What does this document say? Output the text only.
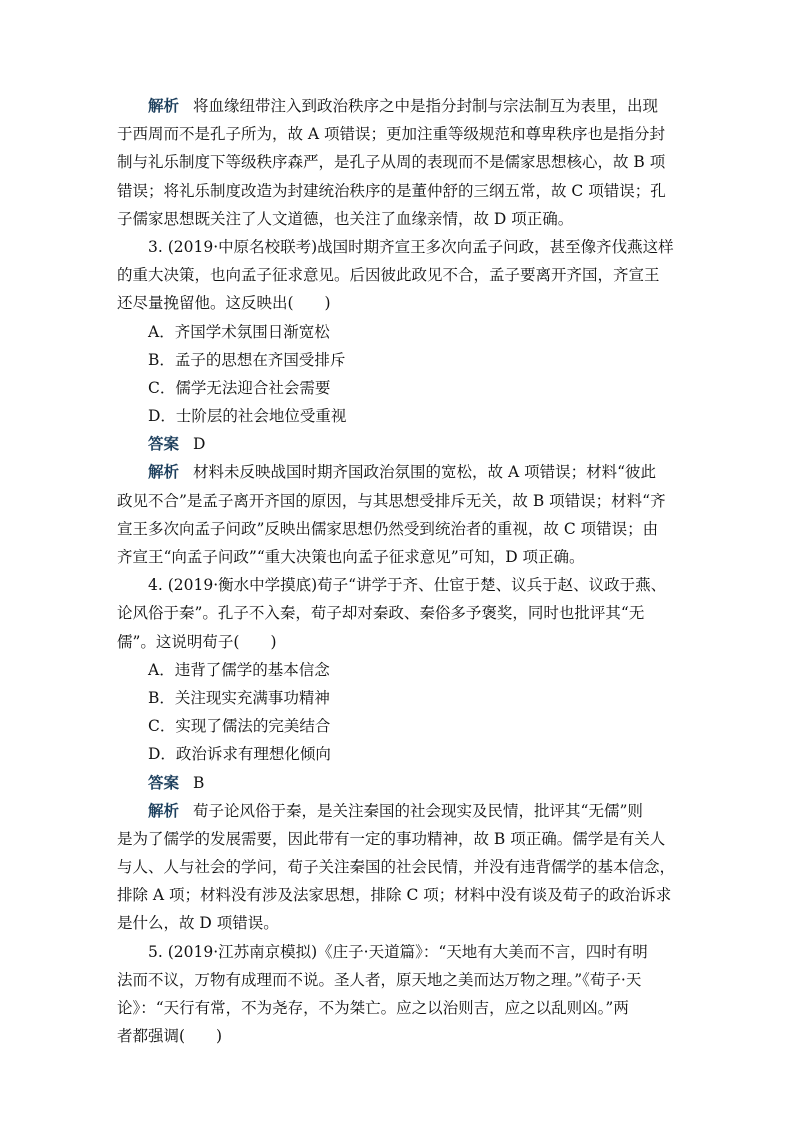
解析 将血缘纽带注入到政治秩序之中是指分封制与宗法制互为表里，出现
于西周而不是孔子所为，故 A 项错误；更加注重等级规范和尊卑秩序也是指分封
制与礼乐制度下等级秩序森严，是孔子从周的表现而不是儒家思想核心，故 B 项
错误；将礼乐制度改造为封建统治秩序的是董仲舒的三纲五常，故 C 项错误；孔
子儒家思想既关注了人文道德，也关注了血缘亲情，故 D 项正确。
3. (2019·中原名校联考)战国时期齐宣王多次向孟子问政，甚至像齐伐燕这样
的重大决策，也向孟子征求意见。后因彼此政见不合，孟子要离开齐国，齐宣王
还尽量挽留他。这反映出(　　)
A．齐国学术氛围日渐宽松
B．孟子的思想在齐国受排斥
C．儒学无法迎合社会需要
D．士阶层的社会地位受重视
答案 D
解析 材料未反映战国时期齐国政治氛围的宽松，故 A 项错误；材料“彼此
政见不合”是孟子离开齐国的原因，与其思想受排斥无关，故 B 项错误；材料“齐
宣王多次向孟子问政”反映出儒家思想仍然受到统治者的重视，故 C 项错误；由
齐宣王“向孟子问政”“重大决策也向孟子征求意见”可知，D 项正确。
4. (2019·衡水中学摸底)荀子“讲学于齐、仕宦于楚、议兵于赵、议政于燕、
论风俗于秦”。孔子不入秦，荀子却对秦政、秦俗多予褒奖，同时也批评其“无
儒”。这说明荀子(　　)
A．违背了儒学的基本信念
B．关注现实充满事功精神
C．实现了儒法的完美结合
D．政治诉求有理想化倾向
答案 B
解析 荀子论风俗于秦，是关注秦国的社会现实及民情，批评其“无儒”则
是为了儒学的发展需要，因此带有一定的事功精神，故 B 项正确。儒学是有关人
与人、人与社会的学问，荀子关注秦国的社会民情，并没有违背儒学的基本信念，
排除 A 项；材料没有涉及法家思想，排除 C 项；材料中没有谈及荀子的政治诉求
是什么，故 D 项错误。
5. (2019·江苏南京模拟)《庄子·天道篇》：“天地有大美而不言，四时有明
法而不议，万物有成理而不说。圣人者，原天地之美而达万物之理。”《荀子·天
论》：“天行有常，不为尧存，不为桀亡。应之以治则吉，应之以乱则凶。”两
者都强调(　　)
